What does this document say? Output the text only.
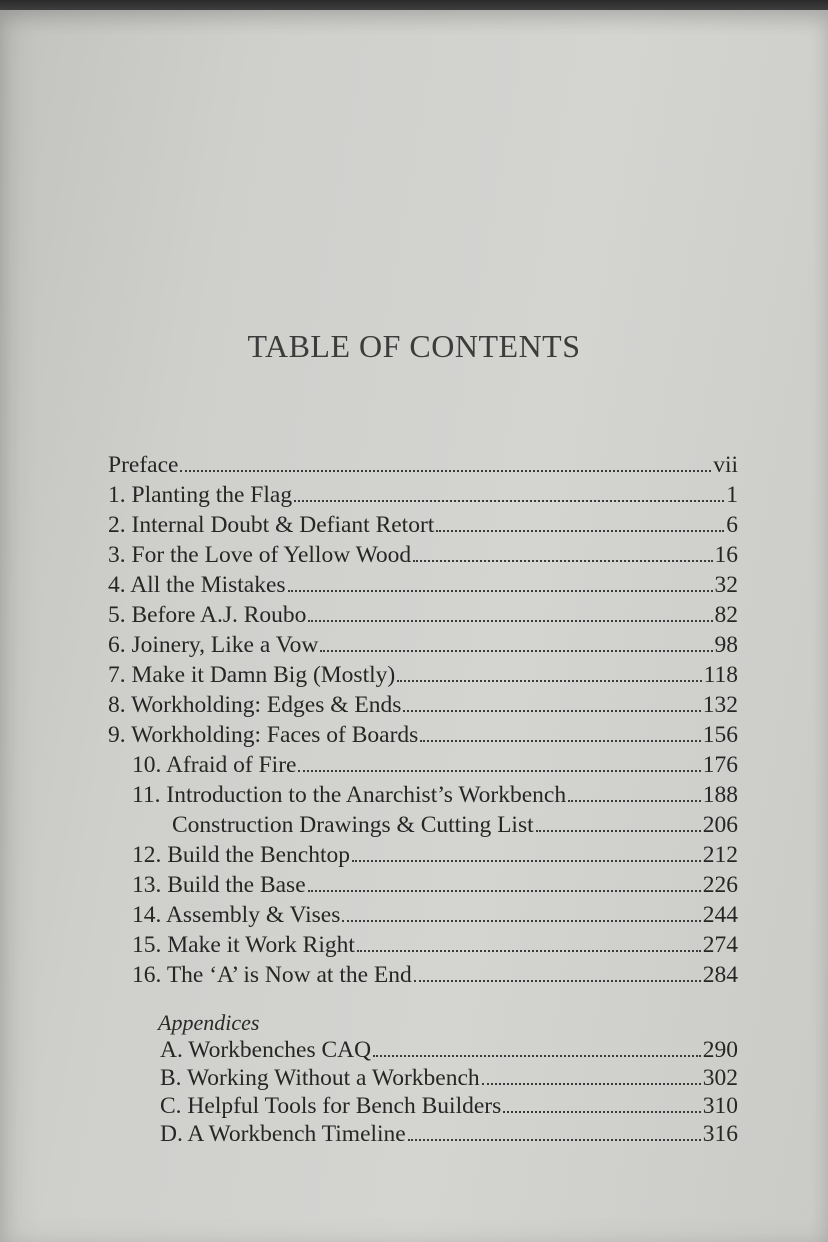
TABLE OF CONTENTS
Preface	vii
1. Planting the Flag	1
2. Internal Doubt & Defiant Retort	6
3. For the Love of Yellow Wood	16
4. All the Mistakes	32
5. Before A.J. Roubo	82
6. Joinery, Like a Vow	98
7. Make it Damn Big (Mostly)	118
8. Workholding: Edges & Ends	132
9. Workholding: Faces of Boards	156
10. Afraid of Fire	176
11. Introduction to the Anarchist’s Workbench	188
Construction Drawings & Cutting List	206
12. Build the Benchtop	212
13. Build the Base	226
14. Assembly & Vises	244
15. Make it Work Right	274
16. The ‘A’ is Now at the End	284
Appendices
A. Workbenches CAQ	290
B. Working Without a Workbench	302
C. Helpful Tools for Bench Builders	310
D. A Workbench Timeline	316
